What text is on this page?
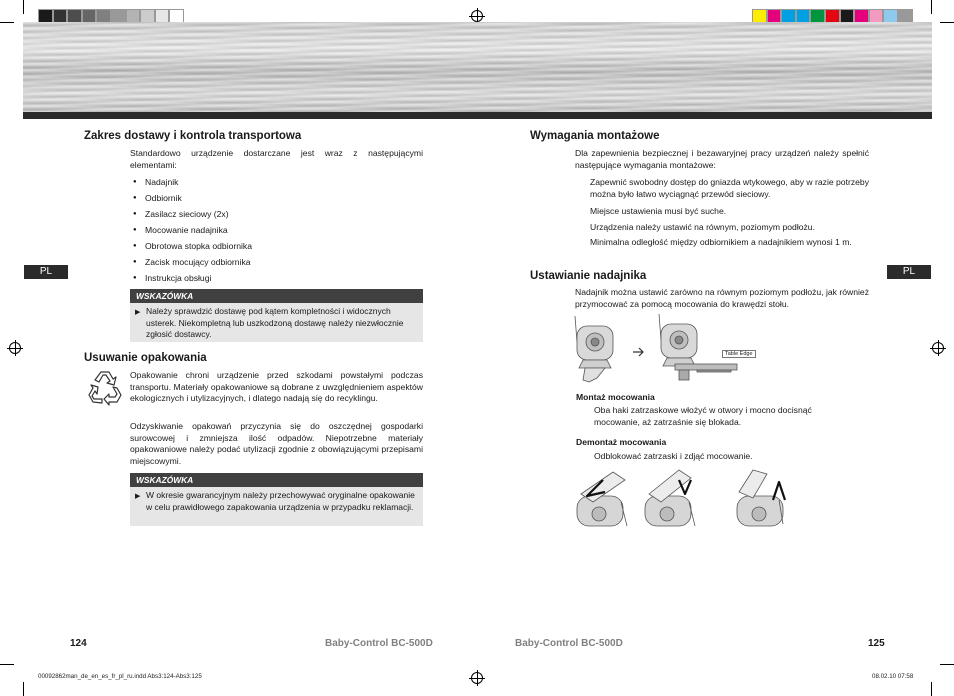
PL	PL
Zakres dostawy i kontrola transportowa
Standardowo urządzenie dostarczane jest wraz z następującymi elementami:
● Nadajnik
● Odbiornik
● Zasilacz sieciowy (2x)
● Mocowanie nadajnika
● Obrotowa stopka odbiornika
● Zacisk mocujący odbiornika
● Instrukcja obsługi
WSKAZÓWKA
▶ Należy sprawdzić dostawę pod kątem kompletności i widocznych usterek. Niekompletną lub uszkodzoną dostawę należy niezwłocznie zgłosić dostawcy.
Usuwanie opakowania
Opakowanie chroni urządzenie przed szkodami powstałymi podczas transportu. Materiały opakowaniowe są dobrane z uwzględnieniem aspektów ekologicznych i utylizacyjnych, i dlatego nadają się do recyklingu.
Odzyskiwanie opakowań przyczynia się do oszczędnej gospodarki surowcowej i zmniejsza ilość odpadów. Niepotrzebne materiały opakowaniowe należy podać utylizacji zgodnie z obowiązującymi przepisami miejscowymi.
WSKAZÓWKA
▶ W okresie gwarancyjnym należy przechowywać oryginalne opakowanie w celu prawidłowego zapakowania urządzenia w przypadku reklamacji.
124	Baby-Control BC-500D
00092862man_de_en_es_fr_pl_ru.indd Abs3:124-Abs3:125
Wymagania montażowe
Dla zapewnienia bezpiecznej i bezawaryjnej pracy urządzeń należy spełnić następujące wymagania montażowe:
Zapewnić swobodny dostęp do gniazda wtykowego, aby w razie potrzeby można było łatwo wyciągnąć przewód sieciowy.
Miejsce ustawienia musi być suche.
Urządzenia należy ustawić na równym, poziomym podłożu.
Minimalna odległość między odbiornikiem a nadajnikiem wynosi 1 m.
Ustawianie nadajnika
Nadajnik można ustawić zarówno na równym poziomym podłożu, jak również przymocować za pomocą mocowania do krawędzi stołu.
Table Edge
Montaż mocowania
Oba haki zatrzaskowe włożyć w otwory i mocno docisnąć mocowanie, aż zatrzaśnie się blokada.
Demontaż mocowania
Odblokować zatrzaski i zdjąć mocowanie.
Baby-Control BC-500D	125
08.02.10 07:58
